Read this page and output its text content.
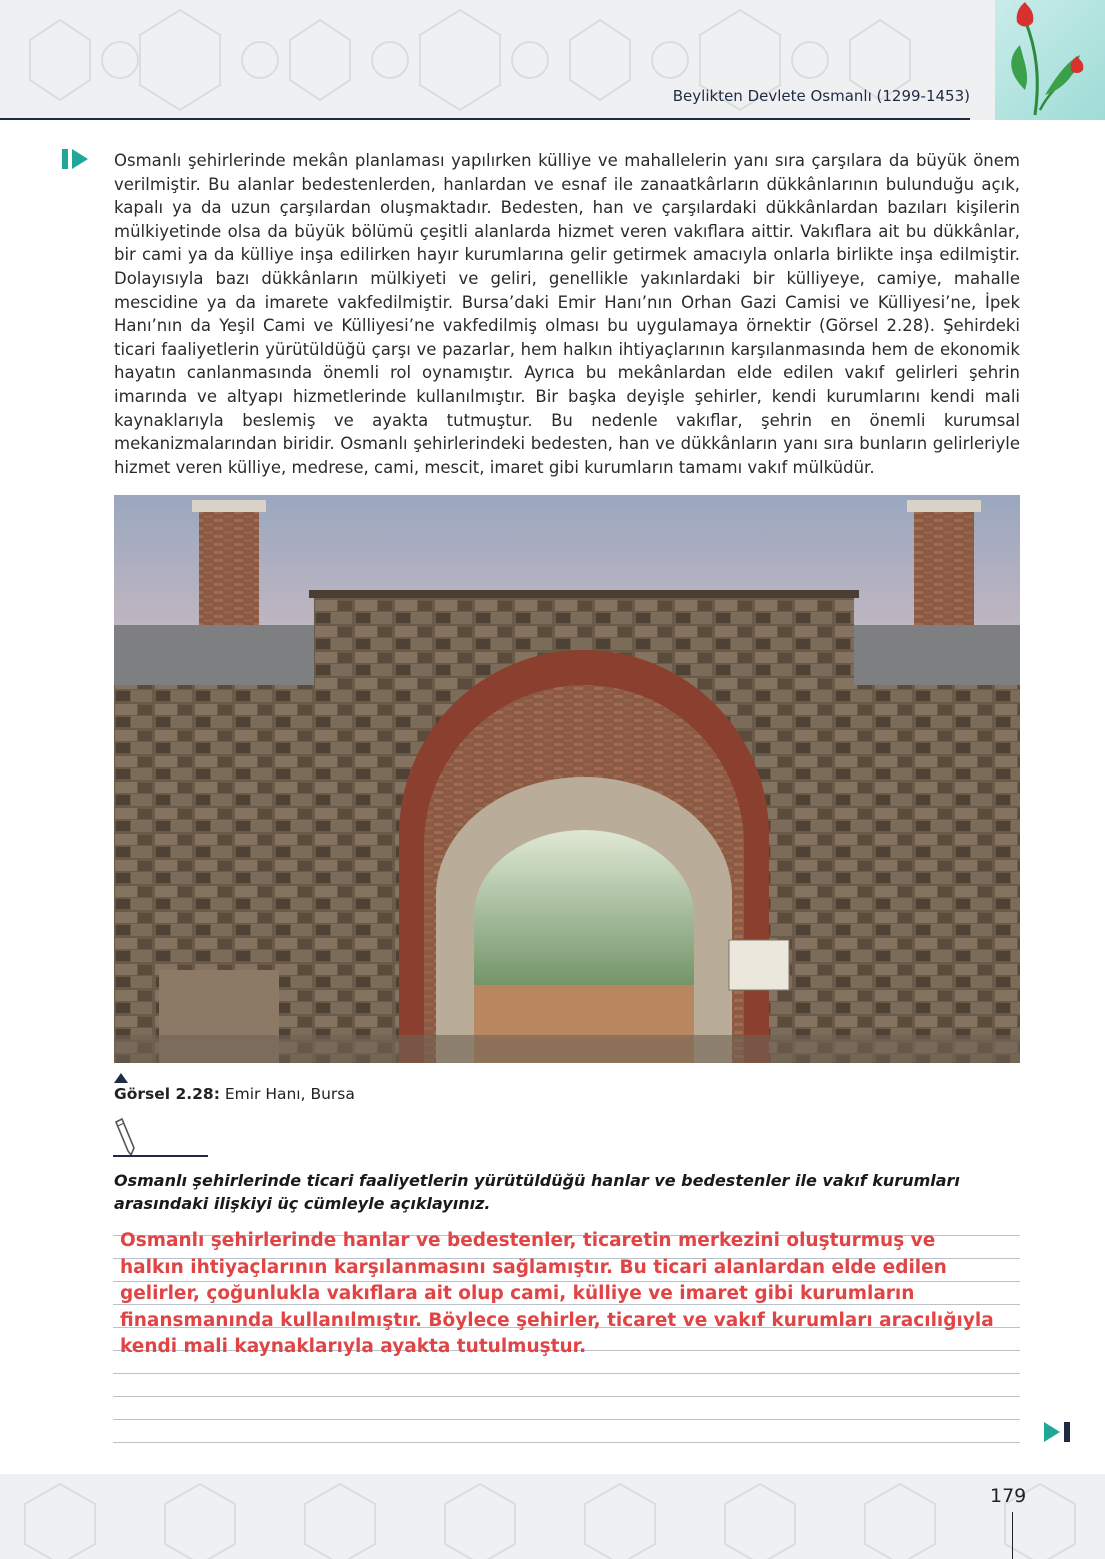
Beylikten Devlete Osmanlı (1299-1453)
Osmanlı şehirlerinde mekân planlaması yapılırken külliye ve mahallelerin yanı sıra çarşılara da büyük önem verilmiştir. Bu alanlar bedestenlerden, hanlardan ve esnaf ile zanaatkârların dükkânlarının bulunduğu açık, kapalı ya da uzun çarşılardan oluşmaktadır. Bedesten, han ve çarşılardaki dükkânlardan bazıları kişilerin mülkiyetinde olsa da büyük bölümü çeşitli alanlarda hizmet veren vakıflara aittir. Vakıflara ait bu dükkânlar, bir cami ya da külliye inşa edilirken hayır kurumlarına gelir getirmek amacıyla onlarla birlikte inşa edilmiştir. Dolayısıyla bazı dükkânların mülkiyeti ve geliri, genellikle yakınlardaki bir külliyeye, camiye, mahalle mescidine ya da imarete vakfedilmiştir. Bursa’daki Emir Hanı’nın Orhan Gazi Camisi ve Külliyesi’ne, İpek Hanı’nın da Yeşil Cami ve Külliyesi’ne vakfedilmiş olması bu uygulamaya örnektir (Görsel 2.28). Şehirdeki ticari faaliyetlerin yürütüldüğü çarşı ve pazarlar, hem halkın ihtiyaçlarının karşılanmasında hem de ekonomik hayatın canlanmasında önemli rol oynamıştır. Ayrıca bu mekânlardan elde edilen vakıf gelirleri şehrin imarında ve altyapı hizmetlerinde kullanılmıştır. Bir başka deyişle şehirler, kendi kurumlarını kendi mali kaynaklarıyla beslemiş ve ayakta tutmuştur. Bu nedenle vakıflar, şehrin en önemli kurumsal mekanizmalarından biridir. Osmanlı şehirlerindeki bedesten, han ve dükkânların yanı sıra bunların gelirleriyle hizmet veren külliye, medrese, cami, mescit, imaret gibi kurumların tamamı vakıf mülküdür.
Görsel 2.28: Emir Hanı, Bursa
Osmanlı şehirlerinde ticari faaliyetlerin yürütüldüğü hanlar ve bedestenler ile vakıf kurumları arasındaki ilişkiyi üç cümleyle açıklayınız.
Osmanlı şehirlerinde hanlar ve bedestenler, ticaretin merkezini oluşturmuş ve halkın ihtiyaçlarının karşılanmasını sağlamıştır. Bu ticari alanlardan elde edilen gelirler, çoğunlukla vakıflara ait olup cami, külliye ve imaret gibi kurumların finansmanında kullanılmıştır. Böylece şehirler, ticaret ve vakıf kurumları aracılığıyla kendi mali kaynaklarıyla ayakta tutulmuştur.
179
